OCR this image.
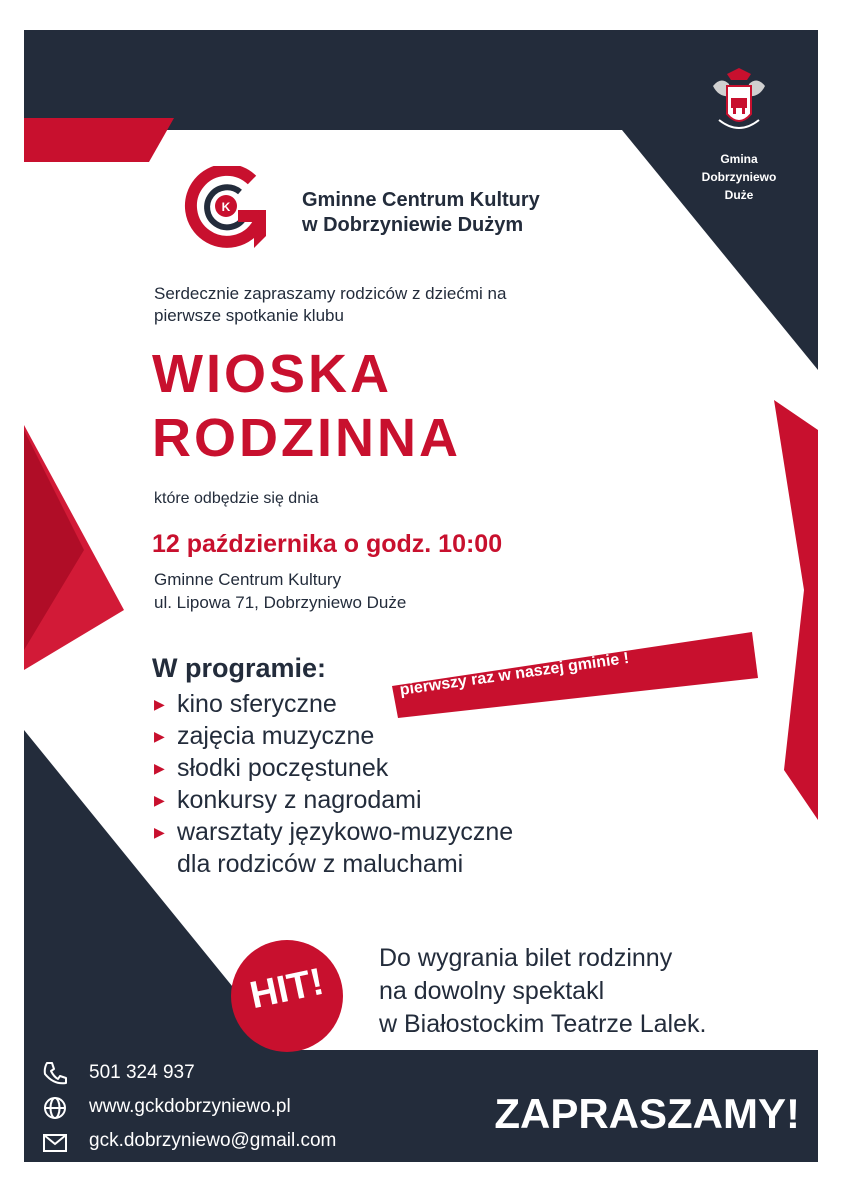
Gmina
Dobrzyniewo
Duże
K	Gminne Centrum Kultury
w Dobrzyniewie Dużym
Serdecznie zapraszamy rodziców z dziećmi na
pierwsze spotkanie klubu
WIOSKA
RODZINNA
które odbędzie się dnia
12 października o godz. 10:00
Gminne Centrum Kultury
ul. Lipowa 71, Dobrzyniewo Duże
pierwszy raz w naszej gminie !
W programie:
▶ kino sferyczne
▶ zajęcia muzyczne
▶ słodki poczęstunek
▶ konkursy z nagrodami
▶ warsztaty językowo-muzyczne
dla rodziców z maluchami
HIT!
Do wygrania bilet rodzinny
na dowolny spektakl
w Białostockim Teatrze Lalek.
501 324 937
www.gckdobrzyniewo.pl
gck.dobrzyniewo@gmail.com
ZAPRASZAMY!
